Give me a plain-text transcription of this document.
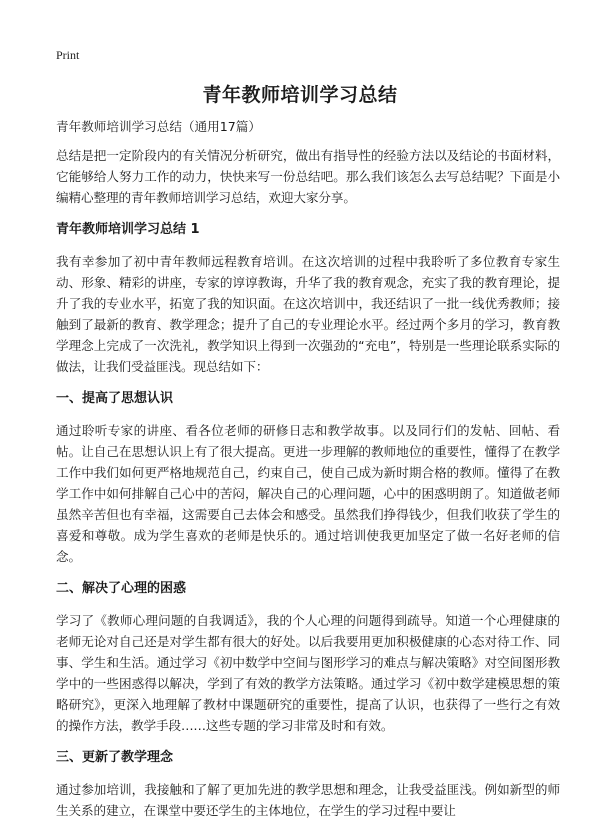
Print
青年教师培训学习总结

青年教师培训学习总结（通用17篇）

总结是把一定阶段内的有关情况分析研究，做出有指导性的经验方法以及结论的书面材料，它能够给人努力工作的动力，快快来写一份总结吧。那么我们该怎么去写总结呢？下面是小编精心整理的青年教师培训学习总结，欢迎大家分享。

青年教师培训学习总结 1

我有幸参加了初中青年教师远程教育培训。在这次培训的过程中我聆听了多位教育专家生动、形象、精彩的讲座，专家的谆谆教诲，升华了我的教育观念，充实了我的教育理论，提升了我的专业水平，拓宽了我的知识面。在这次培训中，我还结识了一批一线优秀教师；接触到了最新的教育、教学理念；提升了自己的专业理论水平。经过两个多月的学习，教育教学理念上完成了一次洗礼，教学知识上得到一次强劲的“充电”，特别是一些理论联系实际的做法，让我们受益匪浅。现总结如下：

一、提高了思想认识

通过聆听专家的讲座、看各位老师的研修日志和教学故事。以及同行们的发帖、回帖、看帖。让自己在思想认识上有了很大提高。更进一步理解的教师地位的重要性，懂得了在教学工作中我们如何更严格地规范自己，约束自己，使自己成为新时期合格的教师。懂得了在教学工作中如何排解自己心中的苦闷，解决自己的心理问题，心中的困惑明朗了。知道做老师虽然辛苦但也有幸福，这需要自己去体会和感受。虽然我们挣得钱少，但我们收获了学生的喜爱和尊敬。成为学生喜欢的老师是快乐的。通过培训使我更加坚定了做一名好老师的信念。

二、解决了心理的困惑

学习了《教师心理问题的自我调适》，我的个人心理的问题得到疏导。知道一个心理健康的老师无论对自己还是对学生都有很大的好处。以后我要用更加积极健康的心态对待工作、同事、学生和生活。通过学习《初中数学中空间与图形学习的难点与解决策略》对空间图形教学中的一些困惑得以解决，学到了有效的教学方法策略。通过学习《初中数学建模思想的策略研究》，更深入地理解了教材中课题研究的重要性，提高了认识，也获得了一些行之有效的操作方法，教学手段……这些专题的学习非常及时和有效。

三、更新了教学理念

通过参加培训，我接触和了解了更加先进的教学思想和理念，让我受益匪浅。例如新型的师生关系的建立，在课堂中要还学生的主体地位，在学生的学习过程中要让
